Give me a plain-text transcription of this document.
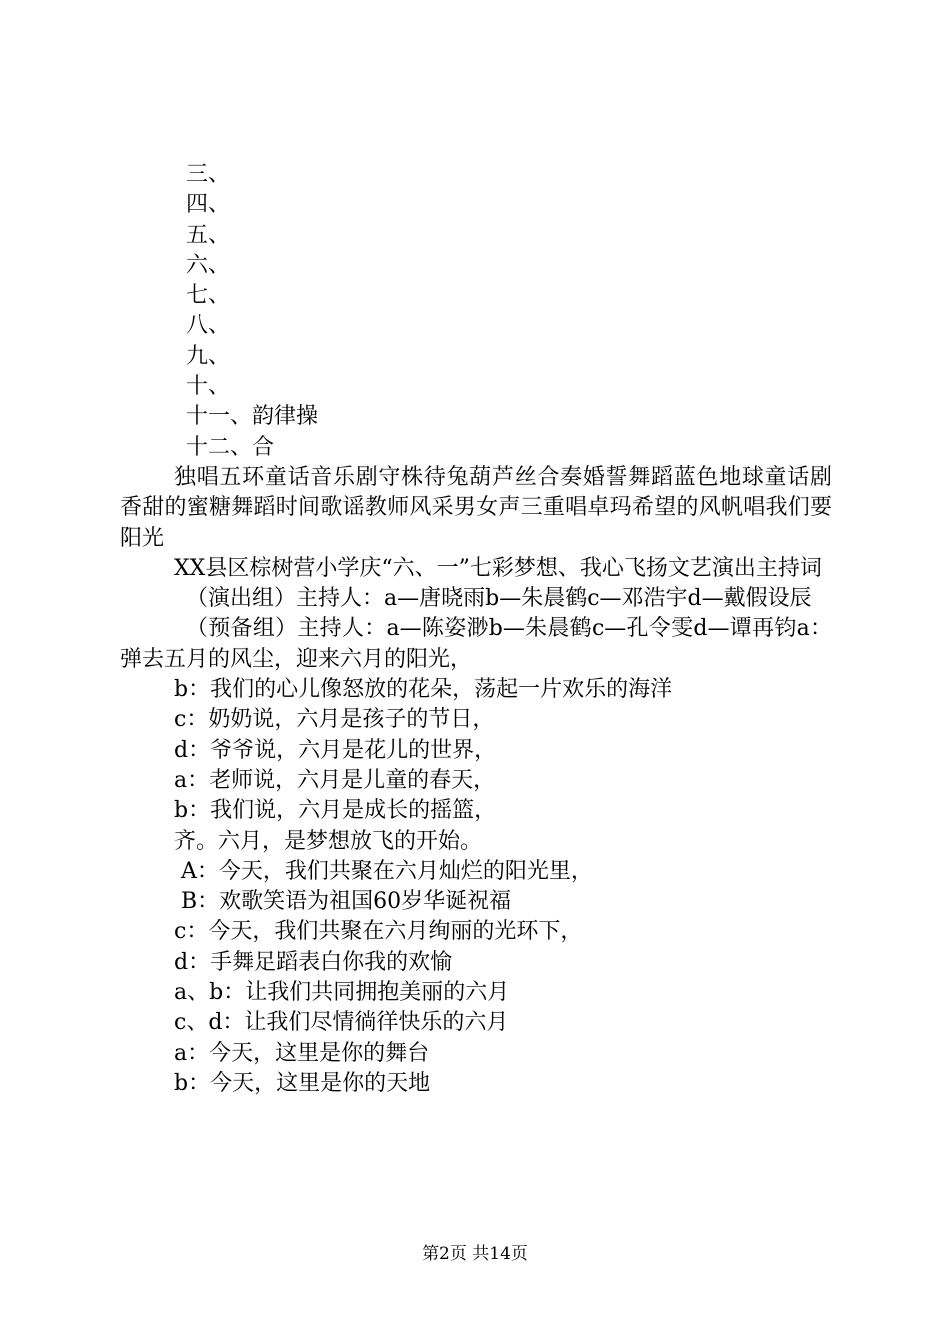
三、

四、

五、

六、

七、

八、

九、

十、

十一、韵律操

十二、合

独唱五环童话音乐剧守株待兔葫芦丝合奏婚誓舞蹈蓝色地球童话剧香甜的蜜糖舞蹈时间歌谣教师风采男女声三重唱卓玛希望的风帆唱我们要阳光

XX县区棕树营小学庆“六、一”七彩梦想、我心飞扬文艺演出主持词

（演出组）主持人：a—唐晓雨b—朱晨鹤c—邓浩宇d—戴假设辰

（预备组）主持人：a—陈姿渺b—朱晨鹤c—孔令雯d—谭再钧a：弹去五月的风尘，迎来六月的阳光，

b：我们的心儿像怒放的花朵，荡起一片欢乐的海洋

c：奶奶说，六月是孩子的节日，

d：爷爷说，六月是花儿的世界，

a：老师说，六月是儿童的春天，

b：我们说，六月是成长的摇篮，

齐。六月，是梦想放飞的开始。

A：今天，我们共聚在六月灿烂的阳光里，

B：欢歌笑语为祖国60岁华诞祝福

c：今天，我们共聚在六月绚丽的光环下，

d：手舞足蹈表白你我的欢愉

a、b：让我们共同拥抱美丽的六月

c、d：让我们尽情徜徉快乐的六月

a：今天，这里是你的舞台

b：今天，这里是你的天地

第2页 共14页
